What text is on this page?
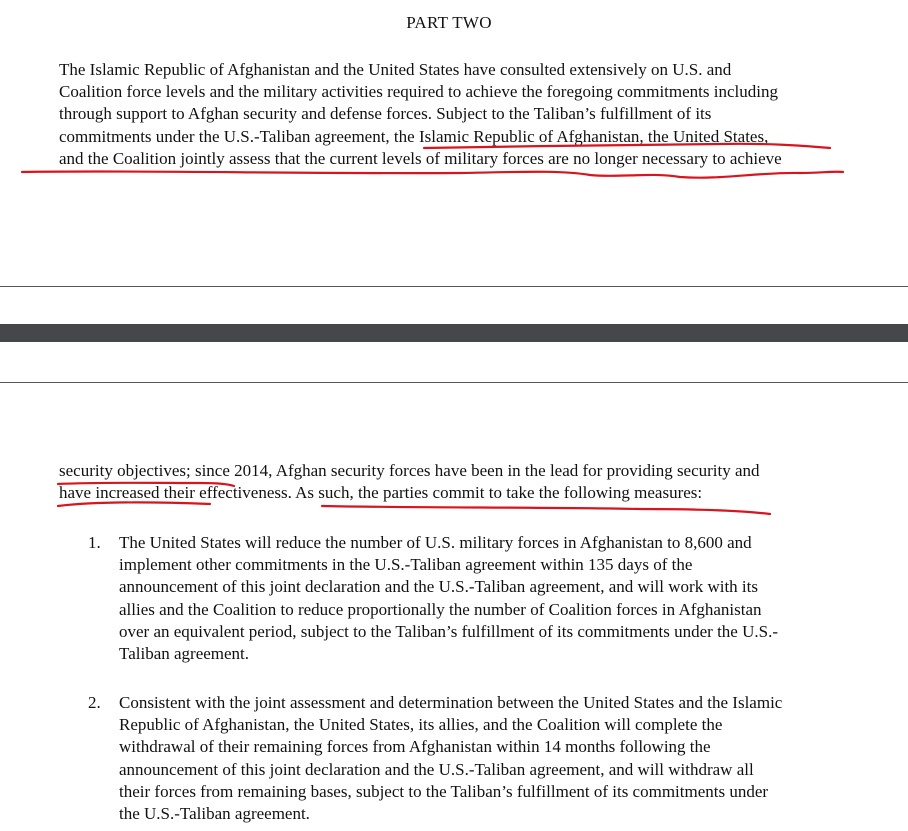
PART TWO
The Islamic Republic of Afghanistan and the United States have consulted extensively on U.S. and
Coalition force levels and the military activities required to achieve the foregoing commitments including
through support to Afghan security and defense forces. Subject to the Taliban’s fulfillment of its
commitments under the U.S.-Taliban agreement, the Islamic Republic of Afghanistan, the United States,
and the Coalition jointly assess that the current levels of military forces are no longer necessary to achieve
security objectives; since 2014, Afghan security forces have been in the lead for providing security and
have increased their effectiveness. As such, the parties commit to take the following measures:
1. The United States will reduce the number of U.S. military forces in Afghanistan to 8,600 and
implement other commitments in the U.S.-Taliban agreement within 135 days of the
announcement of this joint declaration and the U.S.-Taliban agreement, and will work with its
allies and the Coalition to reduce proportionally the number of Coalition forces in Afghanistan
over an equivalent period, subject to the Taliban’s fulfillment of its commitments under the U.S.-
Taliban agreement.
2. Consistent with the joint assessment and determination between the United States and the Islamic
Republic of Afghanistan, the United States, its allies, and the Coalition will complete the
withdrawal of their remaining forces from Afghanistan within 14 months following the
announcement of this joint declaration and the U.S.-Taliban agreement, and will withdraw all
their forces from remaining bases, subject to the Taliban’s fulfillment of its commitments under
the U.S.-Taliban agreement.
